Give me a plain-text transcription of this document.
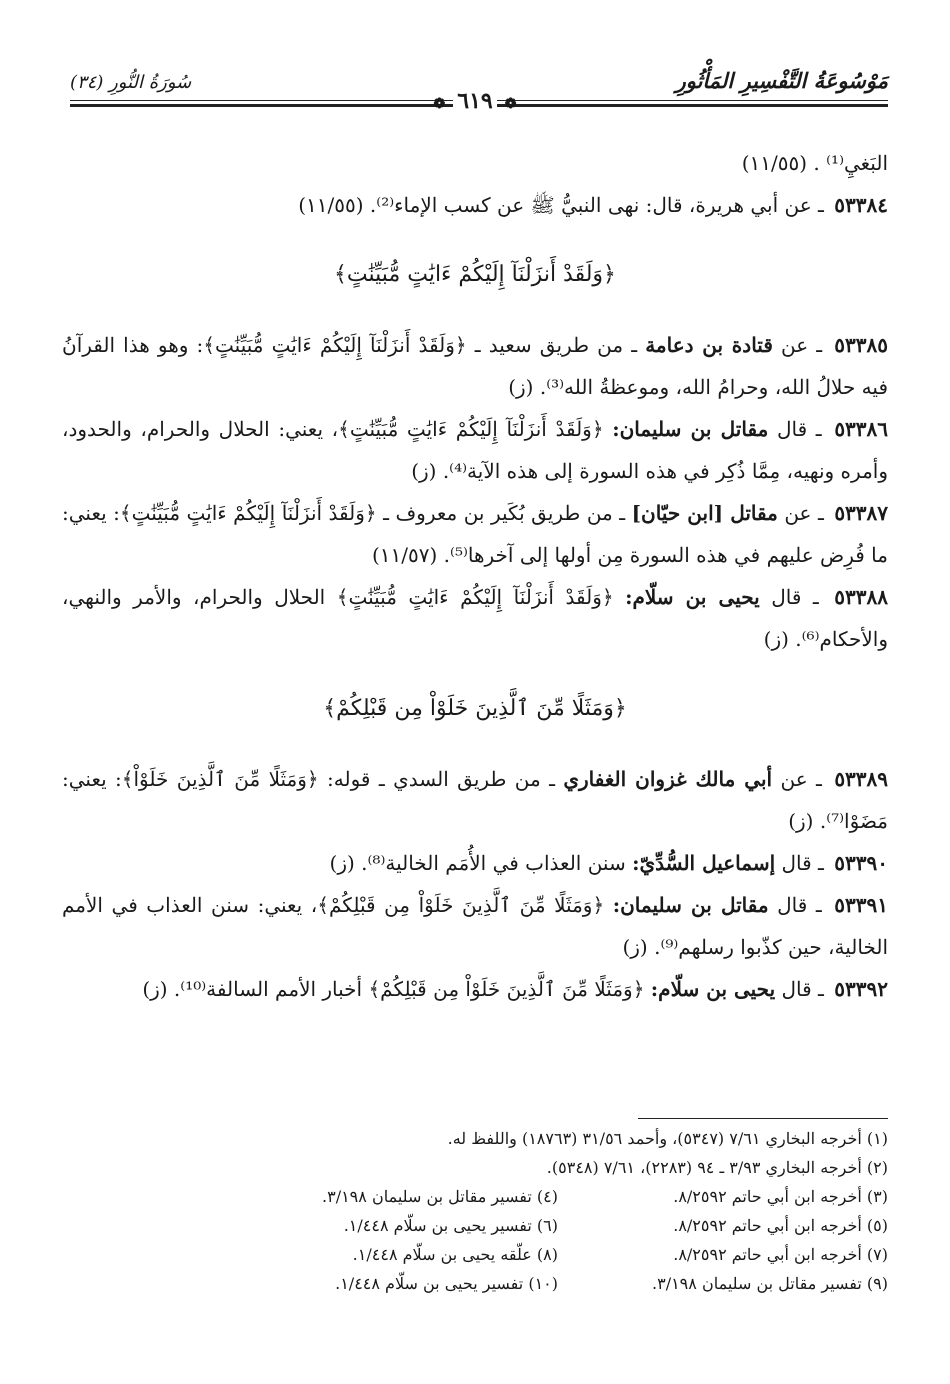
مَوْسُوعَةُ التَّفْسِيرِ المَأْثُورِ
سُورَةُ النُّورِ (٣٤)
❁٦١٩❁

البَغيِ⁽¹⁾ . (١١/٥٥)

٥٣٣٨٤ ـ عن أبي هريرة، قال: نهى النبيُّ ﷺ عن كسب الإماء⁽²⁾. (١١/٥٥)

﴿وَلَقَدْ أَنزَلْنَآ إِلَيْكُمْ ءَايَٰتٍ مُّبَيِّنَٰتٍ﴾

٥٣٣٨٥ ـ عن قتادة بن دعامة ـ من طريق سعيد ـ ﴿وَلَقَدْ أَنزَلْنَآ إِلَيْكُمْ ءَايَٰتٍ مُّبَيِّنَٰتٍ﴾: وهو هذا القرآنُ فيه حلالُ الله، وحرامُ الله، وموعظةُ الله⁽³⁾. (ز)

٥٣٣٨٦ ـ قال مقاتل بن سليمان: ﴿وَلَقَدْ أَنزَلْنَآ إِلَيْكُمْ ءَايَٰتٍ مُّبَيِّنَٰتٍ﴾، يعني: الحلال والحرام، والحدود، وأمره ونهيه، مِمَّا ذُكِر في هذه السورة إلى هذه الآية⁽⁴⁾. (ز)

٥٣٣٨٧ ـ عن مقاتل [ابن حيّان] ـ من طريق بُكَير بن معروف ـ ﴿وَلَقَدْ أَنزَلْنَآ إِلَيْكُمْ ءَايَٰتٍ مُّبَيِّنَٰتٍ﴾: يعني: ما فُرِض عليهم في هذه السورة مِن أولها إلى آخرها⁽⁵⁾. (١١/٥٧)

٥٣٣٨٨ ـ قال يحيى بن سلّام: ﴿وَلَقَدْ أَنزَلْنَآ إِلَيْكُمْ ءَايَٰتٍ مُّبَيِّنَٰتٍ﴾ الحلال والحرام، والأمر والنهي، والأحكام⁽⁶⁾. (ز)

﴿وَمَثَلًا مِّنَ ٱلَّذِينَ خَلَوْاْ مِن قَبْلِكُمْ﴾

٥٣٣٨٩ ـ عن أبي مالك غزوان الغفاري ـ من طريق السدي ـ قوله: ﴿وَمَثَلًا مِّنَ ٱلَّذِينَ خَلَوْاْ﴾: يعني: مَضَوْا⁽⁷⁾. (ز)

٥٣٣٩٠ ـ قال إسماعيل السُّدِّيّ: سنن العذاب في الأُمَم الخالية⁽⁸⁾. (ز)

٥٣٣٩١ ـ قال مقاتل بن سليمان: ﴿وَمَثَلًا مِّنَ ٱلَّذِينَ خَلَوْاْ مِن قَبْلِكُمْ﴾، يعني: سنن العذاب في الأمم الخالية، حين كذّبوا رسلهم⁽⁹⁾. (ز)

٥٣٣٩٢ ـ قال يحيى بن سلّام: ﴿وَمَثَلًا مِّنَ ٱلَّذِينَ خَلَوْاْ مِن قَبْلِكُمْ﴾ أخبار الأمم السالفة⁽¹⁰⁾. (ز)

(١) أخرجه البخاري ٧/٦١ (٥٣٤٧)، وأحمد ٣١/٥٦ (١٨٧٦٣) واللفظ له.
(٢) أخرجه البخاري ٣/٩٣ ـ ٩٤ (٢٢٨٣)، ٧/٦١ (٥٣٤٨).
(٣) أخرجه ابن أبي حاتم ٨/٢٥٩٢.
(٤) تفسير مقاتل بن سليمان ٣/١٩٨.
(٥) أخرجه ابن أبي حاتم ٨/٢٥٩٢.
(٦) تفسير يحيى بن سلّام ١/٤٤٨.
(٧) أخرجه ابن أبي حاتم ٨/٢٥٩٢.
(٨) علّقه يحيى بن سلّام ١/٤٤٨.
(٩) تفسير مقاتل بن سليمان ٣/١٩٨.
(١٠) تفسير يحيى بن سلّام ١/٤٤٨.
